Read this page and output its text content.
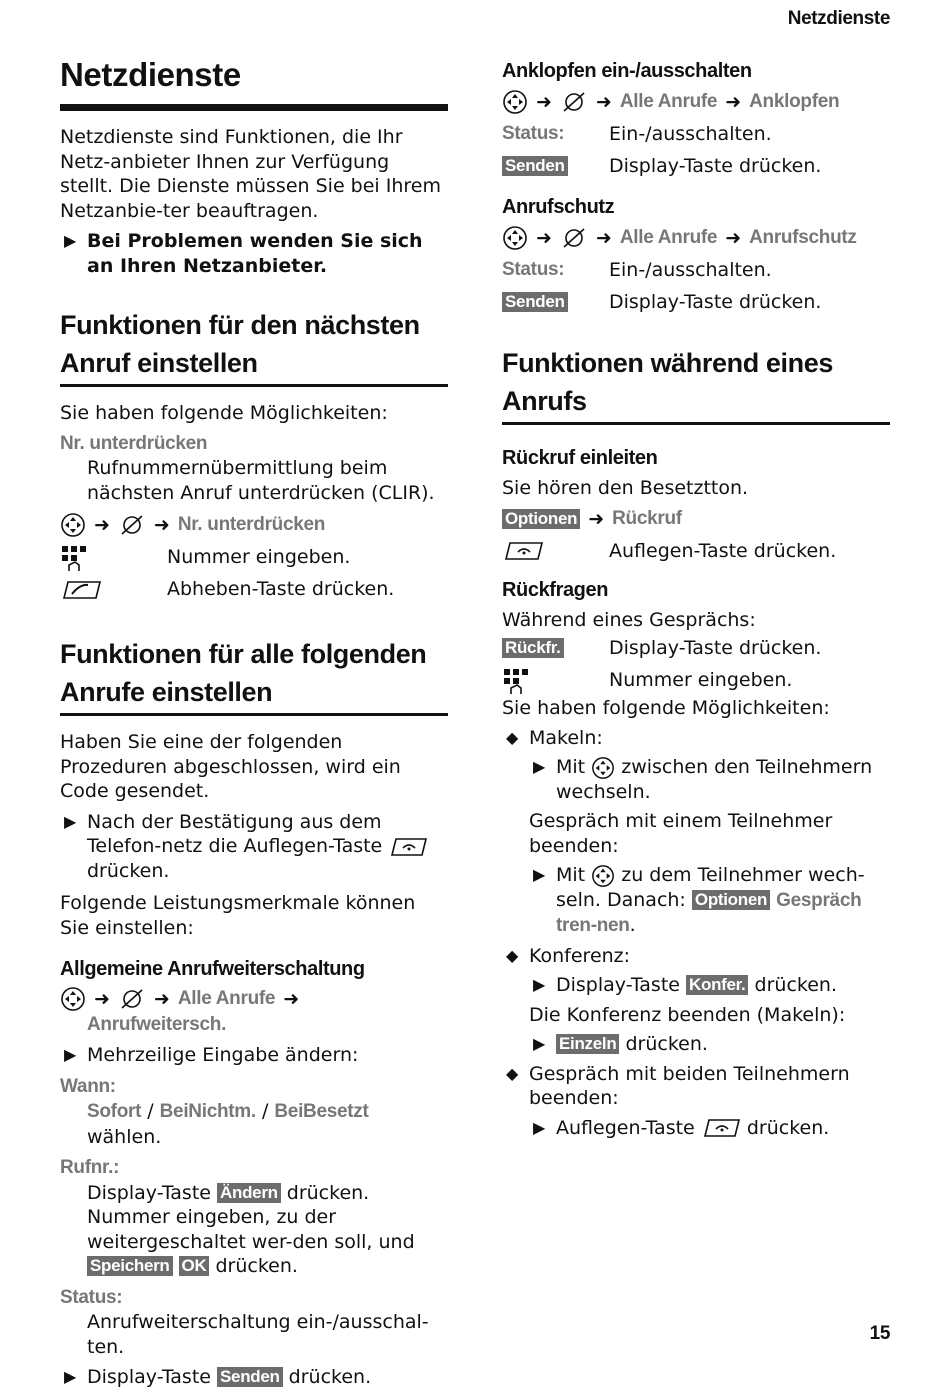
Netzdienste
Netzdienste

Netzdienste sind Funktionen, die Ihr Netz-anbieter Ihnen zur Verfügung stellt. Die Dienste müssen Sie bei Ihrem Netzanbie-ter beauftragen.

▶ Bei Problemen wenden Sie sich an Ihren Netzanbieter.
Funktionen für den nächsten
Anruf einstellen

Sie haben folgende Möglichkeiten:

Nr. unterdrücken

Rufnummernübermittlung beim nächsten Anruf unterdrücken (CLIR).

➜ ➜ Nr. unterdrücken
Nummer eingeben.
Abheben-Taste drücken.
Funktionen für alle folgenden
Anrufe einstellen

Haben Sie eine der folgenden Prozeduren abgeschlossen, wird ein Code gesendet.

▶ Nach der Bestätigung aus dem Telefon-netz die Auflegen-Taste  drücken.

Folgende Leistungsmerkmale können Sie einstellen:

Allgemeine Anrufweiterschaltung
➜ ➜ Alle Anrufe ➜

Anrufweitersch.

▶ Mehrzeilige Eingabe ändern:

Wann:

Sofort / BeiNichtm. / BeiBesetzt wählen.

Rufnr.:

Display-Taste Ändern drücken. Nummer eingeben, zu der weitergeschaltet wer-den soll, und Speichern OK drücken.

Status:

Anrufweiterschaltung ein-/ausschal-ten.

▶ Display-Taste Senden drücken.
Anklopfen ein-/ausschalten
➜ ➜ Alle Anrufe ➜ Anklopfen
Status:	Ein-/ausschalten.
Senden	Display-Taste drücken.
Anrufschutz
➜ ➜ Alle Anrufe ➜ Anrufschutz
Status:	Ein-/ausschalten.
Senden	Display-Taste drücken.
Funktionen während eines
Anrufs
Rückruf einleiten

Sie hören den Besetztton.

Optionen ➜ Rückruf
Auflegen-Taste drücken.
Rückfragen

Während eines Gesprächs:

Rückfr.	Display-Taste drücken.
Nummer eingeben.

Sie haben folgende Möglichkeiten:

◆ Makeln:
▶ Mit zwischen den Teilnehmern wechseln.

Gespräch mit einem Teilnehmer beenden:

▶ Mit zu dem Teilnehmer wech-seln. Danach: Optionen Gespräch tren-nen.
◆ Konferenz:
▶ Display-Taste Konfer. drücken.

Die Konferenz beenden (Makeln):

▶ Einzeln drücken.
◆ Gespräch mit beiden Teilnehmern beenden:
▶ Auflegen-Taste	drücken.
15
